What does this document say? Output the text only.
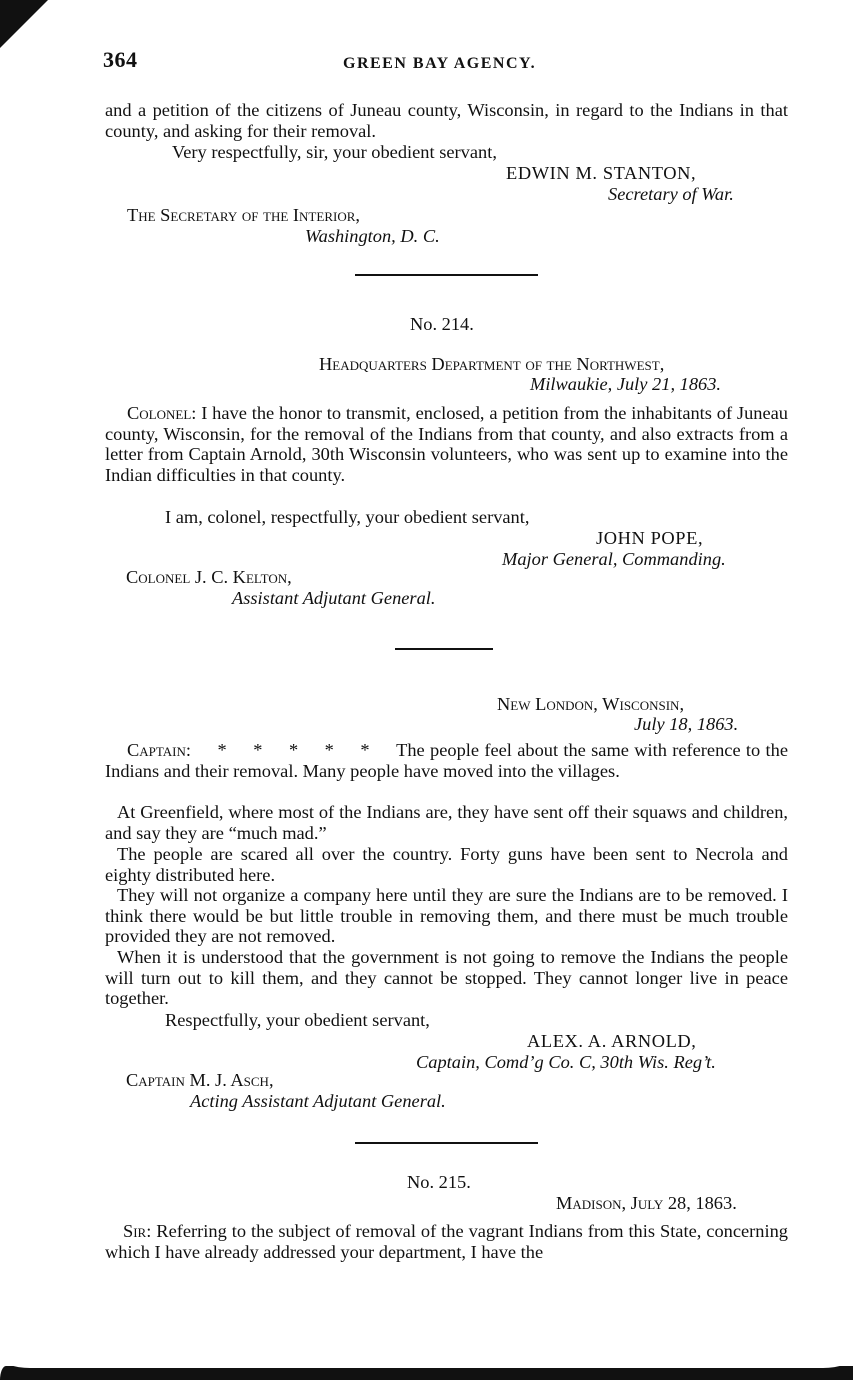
364	GREEN BAY AGENCY.
and a petition of the citizens of Juneau county, Wisconsin, in regard to the Indians in that county, and asking for their removal.
Very respectfully, sir, your obedient servant,
EDWIN M. STANTON,
Secretary of War.
The Secretary of the Interior,
Washington, D. C.
No. 214.
Headquarters Department of the Northwest,
Milwaukie, July 21, 1863.
Colonel: I have the honor to transmit, enclosed, a petition from the inhabitants of Juneau county, Wisconsin, for the removal of the Indians from that county, and also extracts from a letter from Captain Arnold, 30th Wisconsin volunteers, who was sent up to examine into the Indian difficulties in that county.
I am, colonel, respectfully, your obedient servant,
JOHN POPE,
Major General, Commanding.
Colonel J. C. Kelton,
Assistant Adjutant General.
New London, Wisconsin,
July 18, 1863.
Captain: *     *     *     *     * The people feel about the same with reference to the Indians and their removal. Many people have moved into the villages.
At Greenfield, where most of the Indians are, they have sent off their squaws and children, and say they are “much mad.”
The people are scared all over the country. Forty guns have been sent to Necrola and eighty distributed here.
They will not organize a company here until they are sure the Indians are to be removed. I think there would be but little trouble in removing them, and there must be much trouble provided they are not removed.
When it is understood that the government is not going to remove the Indians the people will turn out to kill them, and they cannot be stopped. They cannot longer live in peace together.
Respectfully, your obedient servant,
ALEX. A. ARNOLD,
Captain, Comd’g Co. C, 30th Wis. Reg’t.
Captain M. J. Asch,
Acting Assistant Adjutant General.
No. 215.
Madison, July 28, 1863.
Sir: Referring to the subject of removal of the vagrant Indians from this State, concerning which I have already addressed your department, I have the
